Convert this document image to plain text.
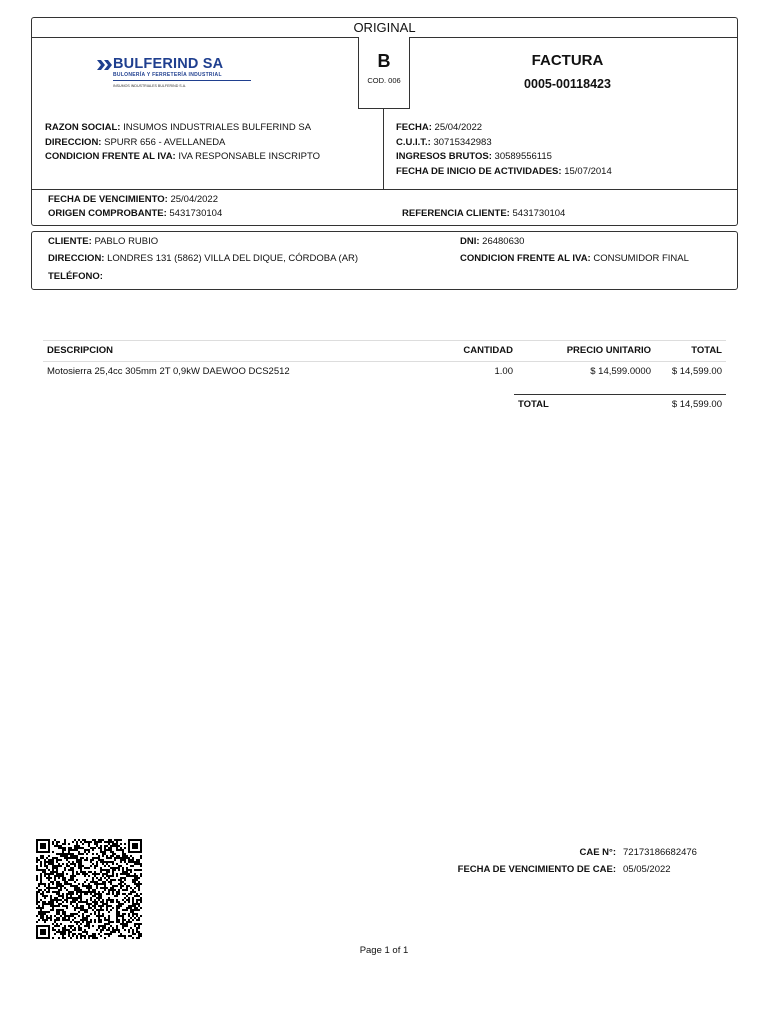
ORIGINAL
BULFERIND SA
BULONERÍA Y FERRETERÍA INDUSTRIAL
INSUMOS INDUSTRIALES BULFERIND S.A.
B
COD. 006
FACTURA
0005-00118423
RAZON SOCIAL: INSUMOS INDUSTRIALES BULFERIND SA
DIRECCION: SPURR 656 - AVELLANEDA
CONDICION FRENTE AL IVA: IVA RESPONSABLE INSCRIPTO
FECHA: 25/04/2022
C.U.I.T.: 30715342983
INGRESOS BRUTOS: 30589556115
FECHA DE INICIO DE ACTIVIDADES: 15/07/2014
FECHA DE VENCIMIENTO: 25/04/2022
ORIGEN COMPROBANTE: 5431730104	REFERENCIA CLIENTE: 5431730104
CLIENTE: PABLO RUBIO	DNI: 26480630
DIRECCION: LONDRES 131 (5862) VILLA DEL DIQUE, CÓRDOBA (AR)	CONDICION FRENTE AL IVA: CONSUMIDOR FINAL
TELÉFONO:
DESCRIPCION	CANTIDAD	PRECIO UNITARIO	TOTAL
Motosierra 25,4cc 305mm 2T 0,9kW DAEWOO DCS2512	1.00	$ 14,599.0000	$ 14,599.00
TOTAL	$ 14,599.00
CAE N°: 72173186682476
FECHA DE VENCIMIENTO DE CAE: 05/05/2022
Page 1 of 1
